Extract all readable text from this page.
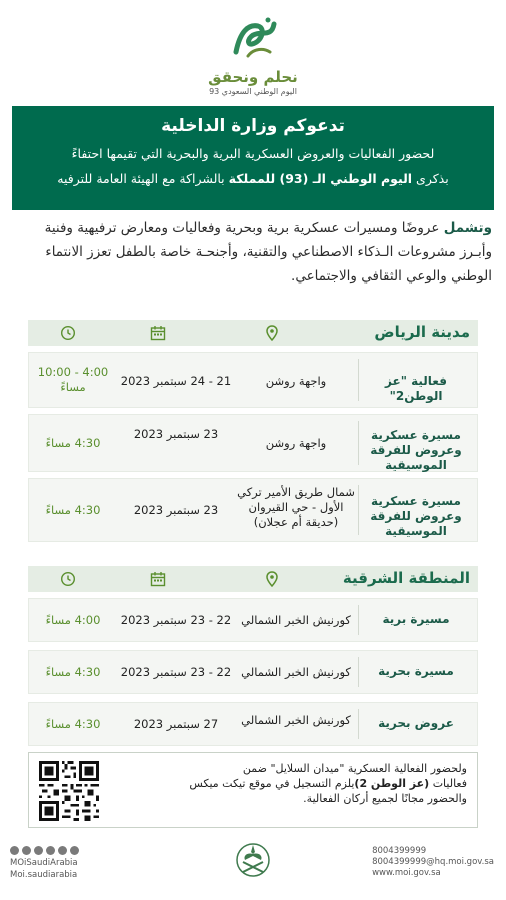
نحلم ونحقق
اليوم الوطني السعودي 93
تدعوكم وزارة الداخلية
لحضور الفعاليات والعروض العسكرية البرية والبحرية التي تقيمها احتفاءً
بذكرى اليوم الوطني الـ (93) للمملكة بالشراكة مع الهيئة العامة للترفيه
وتشمل عروضًا ومسيرات عسكرية برية وبحرية وفعاليات ومعارض ترفيهية وفنية وأبـرز مشروعات الـذكاء الاصطناعي والتقنية، وأجنحـة خاصة بالطفل تعزز الانتماء الوطني والوعي الثقافي والاجتماعي.
مدينة الرياض
فعالية "عز الوطن2"
واجهة روشن
21 - 24 سبتمبر 2023
4:00 - 10:00 مساءً
مسيرة عسكرية وعروض للفرقة الموسيقية
واجهة روشن
23 سبتمبر 2023
4:30 مساءً
مسيرة عسكرية وعروض للفرقة الموسيقية
شمال طريق الأمير تركي الأول - حي القيروان (حديقة أم عجلان)
23 سبتمبر 2023
4:30 مساءً
المنطقة الشرقية
مسيرة برية
كورنيش الخبر الشمالي
22 - 23 سبتمبر 2023
4:00 مساءً
مسيرة بحرية
كورنيش الخبر الشمالي
22 - 23 سبتمبر 2023
4:30 مساءً
عروض بحرية
كورنيش الخبر الشمالي
27 سبتمبر 2023
4:30 مساءً
ولحضور الفعالية العسكرية "ميدان السلايل" ضمن
فعاليات (عز الوطن 2)يلزم التسجيل في موقع تيكت ميكس
والحضور مجانًا لجميع أركان الفعالية.
MOiSaudiArabia
Moi.saudiarabia
8004399999
8004399999@hq.moi.gov.sa
www.moi.gov.sa
